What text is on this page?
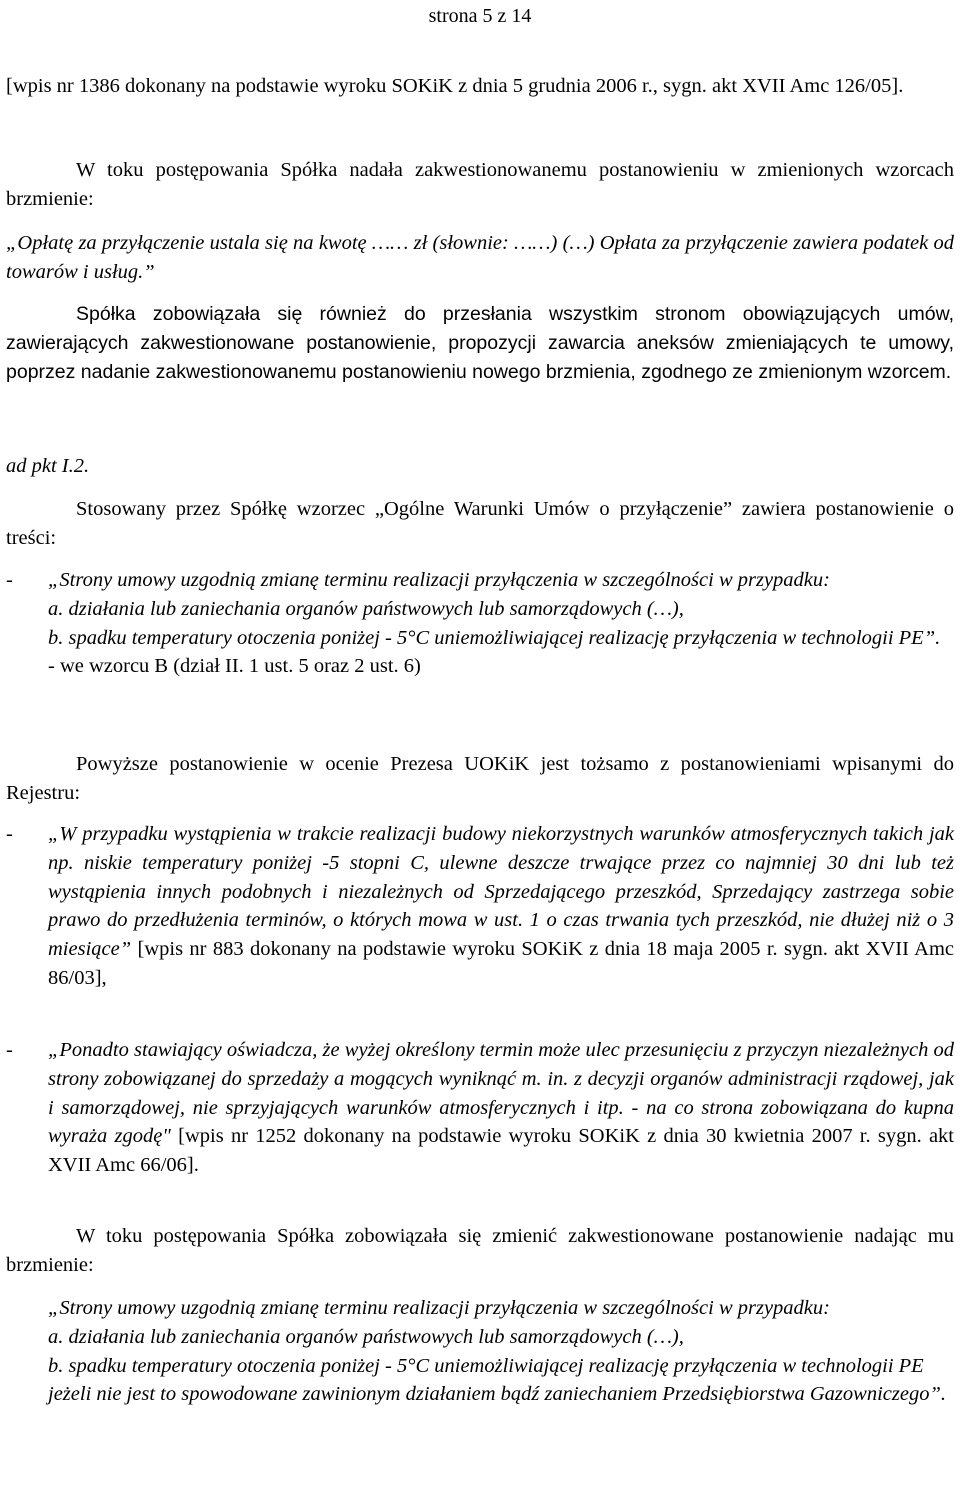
strona 5 z 14

[wpis nr 1386 dokonany na podstawie wyroku SOKiK z dnia 5 grudnia 2006 r., sygn. akt XVII Amc 126/05].

W toku postępowania Spółka nadała zakwestionowanemu postanowieniu w zmienionych wzorcach brzmienie:

„Opłatę za przyłączenie ustala się na kwotę …… zł (słownie: ……) (…) Opłata za przyłączenie zawiera podatek od towarów i usług.”

Spółka zobowiązała się również do przesłania wszystkim stronom obowiązujących umów, zawierających zakwestionowane postanowienie, propozycji zawarcia aneksów zmieniających te umowy, poprzez nadanie zakwestionowanemu postanowieniu nowego brzmienia, zgodnego ze zmienionym wzorcem.

ad pkt I.2.

Stosowany przez Spółkę wzorzec „Ogólne Warunki Umów o przyłączenie” zawiera postanowienie o treści:

-	„Strony umowy uzgodnią zmianę terminu realizacji przyłączenia w szczególności w przypadku:

a. działania lub zaniechania organów państwowych lub samorządowych (…),

b. spadku temperatury otoczenia poniżej - 5°C uniemożliwiającej realizację przyłączenia w technologii PE”.

- we wzorcu B (dział II. 1 ust. 5 oraz 2 ust. 6)

Powyższe postanowienie w ocenie Prezesa UOKiK jest tożsamo z postanowieniami wpisanymi do Rejestru:

-	„W przypadku wystąpienia w trakcie realizacji budowy niekorzystnych warunków atmosferycznych takich jak np. niskie temperatury poniżej -5 stopni C, ulewne deszcze trwające przez co najmniej 30 dni lub też wystąpienia innych podobnych i niezależnych od Sprzedającego przeszkód, Sprzedający zastrzega sobie prawo do przedłużenia terminów, o których mowa w ust. 1 o czas trwania tych przeszkód, nie dłużej niż o 3 miesiące” [wpis nr 883 dokonany na podstawie wyroku SOKiK z dnia 18 maja 2005 r. sygn. akt XVII Amc 86/03],

-	„Ponadto stawiający oświadcza, że wyżej określony termin może ulec przesunięciu z przyczyn niezależnych od strony zobowiązanej do sprzedaży a mogących wyniknąć m. in. z decyzji organów administracji rządowej, jak i samorządowej, nie sprzyjających warunków atmosferycznych i itp. - na co strona zobowiązana do kupna wyraża zgodę" [wpis nr 1252 dokonany na podstawie wyroku SOKiK z dnia 30 kwietnia 2007 r. sygn. akt XVII Amc 66/06].

W toku postępowania Spółka zobowiązała się zmienić zakwestionowane postanowienie nadając mu brzmienie:

„Strony umowy uzgodnią zmianę terminu realizacji przyłączenia w szczególności w przypadku:

a. działania lub zaniechania organów państwowych lub samorządowych (…),

b. spadku temperatury otoczenia poniżej - 5°C uniemożliwiającej realizację przyłączenia w technologii PE

jeżeli nie jest to spowodowane zawinionym działaniem bądź zaniechaniem Przedsiębiorstwa Gazowniczego”.
